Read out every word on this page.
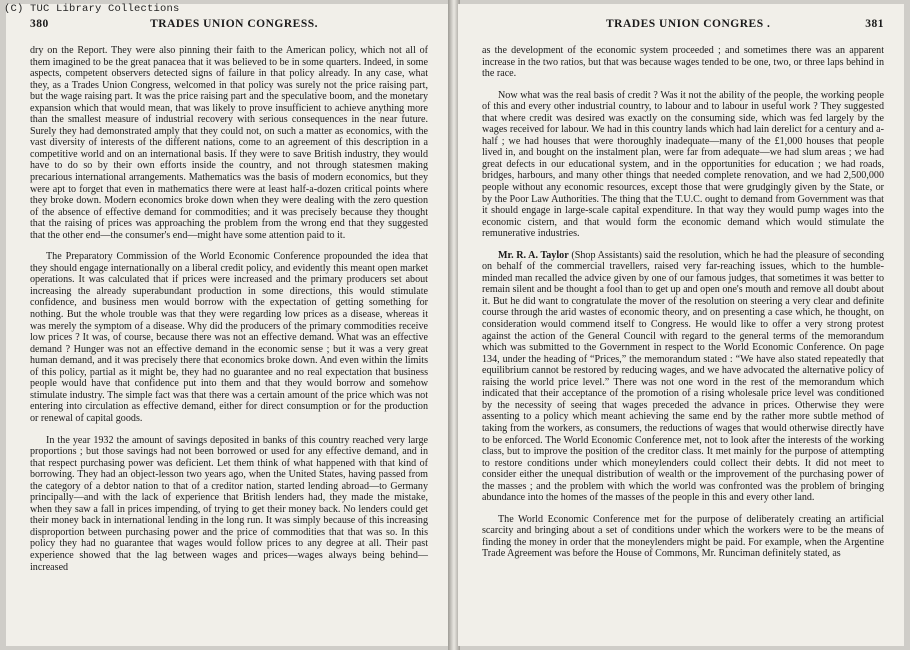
(C) TUC Library Collections
380	TRADES UNION CONGRESS.

dry on the Report. They were also pinning their faith to the American policy, which not all of them imagined to be the great panacea that it was believed to be in some quarters. Indeed, in some aspects, competent observers detected signs of failure in that policy already. In any case, what they, as a Trades Union Congress, welcomed in that policy was surely not the price raising part, but the wage raising part. It was the price raising part and the speculative boom, and the monetary expansion which that would mean, that was likely to prove insufficient to achieve anything more than the smallest measure of industrial recovery with serious consequences in the near future. Surely they had demonstrated amply that they could not, on such a matter as economics, with the vast diversity of interests of the different nations, come to an agreement of this description in a competitive world and on an international basis. If they were to save British industry, they would have to do so by their own efforts inside the country, and not through statesmen making precarious international arrangements. Mathematics was the basis of modern economics, but they were apt to forget that even in mathematics there were at least half-a-dozen critical points where they broke down. Modern economics broke down when they were dealing with the zero question of the absence of effective demand for commodities; and it was precisely because they thought that the raising of prices was approaching the problem from the wrong end that they suggested that the other end—the consumer's end—might have some attention paid to it.

The Preparatory Commission of the World Economic Conference propounded the idea that they should engage internationally on a liberal credit policy, and evidently this meant open market operations. It was calculated that if prices were increased and the primary producers set about increasing the already superabundant production in some directions, this would stimulate confidence, and business men would borrow with the expectation of getting something for nothing. But the whole trouble was that they were regarding low prices as a disease, whereas it was merely the symptom of a disease. Why did the producers of the primary commodities receive low prices ? It was, of course, because there was not an effective demand. What was an effective demand ? Hunger was not an effective demand in the economic sense ; but it was a very great human demand, and it was precisely there that economics broke down. And even within the limits of this policy, partial as it might be, they had no guarantee and no real expectation that business people would have that confidence put into them and that they would borrow and somehow stimulate industry. The simple fact was that there was a certain amount of the price which was not entering into circulation as effective demand, either for direct consumption or for the production or renewal of capital goods.

In the year 1932 the amount of savings deposited in banks of this country reached very large proportions ; but those savings had not been borrowed or used for any effective demand, and in that respect purchasing power was deficient. Let them think of what happened with that kind of borrowing. They had an object-lesson two years ago, when the United States, having passed from the category of a debtor nation to that of a creditor nation, started lending abroad—to Germany principally—and with the lack of experience that British lenders had, they made the mistake, when they saw a fall in prices impending, of trying to get their money back. No lenders could get their money back in international lending in the long run. It was simply because of this increasing disproportion between purchasing power and the price of commodities that that was so. In this policy they had no guarantee that wages would follow prices to any degree at all. Their past experience showed that the lag between wages and prices—wages always being behind—increased

TRADES UNION CONGRES .	381

as the development of the economic system proceeded ; and sometimes there was an apparent increase in the two ratios, but that was because wages tended to be one, two, or three laps behind in the race.

Now what was the real basis of credit ? Was it not the ability of the people, the working people of this and every other industrial country, to labour and to labour in useful work ? They suggested that where credit was desired was exactly on the consuming side, which was fed largely by the wages received for labour. We had in this country lands which had lain derelict for a century and a-half ; we had houses that were thoroughly inadequate—many of the £1,000 houses that people lived in, and bought on the instalment plan, were far from adequate—we had slum areas ; we had great defects in our educational system, and in the opportunities for education ; we had roads, bridges, harbours, and many other things that needed complete renovation, and we had 2,500,000 people without any economic resources, except those that were grudgingly given by the State, or by the Poor Law Authorities. The thing that the T.U.C. ought to demand from Government was that it should engage in large-scale capital expenditure. In that way they would pump wages into the economic cistern, and that would form the economic demand which would stimulate the remunerative industries.

Mr. R. A. Taylor (Shop Assistants) said the resolution, which he had the pleasure of seconding on behalf of the commercial travellers, raised very far-reaching issues, which to the humble-minded man recalled the advice given by one of our famous judges, that sometimes it was better to remain silent and be thought a fool than to get up and open one's mouth and remove all doubt about it. But he did want to congratulate the mover of the resolution on steering a very clear and definite course through the arid wastes of economic theory, and on presenting a case which, he thought, on consideration would commend itself to Congress. He would like to offer a very strong protest against the action of the General Council with regard to the general terms of the memorandum which was submitted to the Government in respect to the World Economic Conference. On page 134, under the heading of “Prices,” the memorandum stated : “We have also stated repeatedly that equilibrium cannot be restored by reducing wages, and we have advocated the alternative policy of raising the world price level.” There was not one word in the rest of the memorandum which indicated that their acceptance of the promotion of a rising wholesale price level was conditioned by the necessity of seeing that wages preceded the advance in prices. Otherwise they were assenting to a policy which meant achieving the same end by the rather more subtle method of taking from the workers, as consumers, the reductions of wages that would otherwise directly have to be enforced. The World Economic Conference met, not to look after the interests of the working class, but to improve the position of the creditor class. It met mainly for the purpose of attempting to restore conditions under which moneylenders could collect their debts. It did not meet to consider either the unequal distribution of wealth or the improvement of the purchasing power of the masses ; and the problem with which the world was confronted was the problem of bringing abundance into the homes of the masses of the people in this and every other land.

The World Economic Conference met for the purpose of deliberately creating an artificial scarcity and bringing about a set of conditions under which the workers were to be the means of finding the money in order that the moneylenders might be paid. For example, when the Argentine Trade Agreement was before the House of Commons, Mr. Runciman definitely stated, as
